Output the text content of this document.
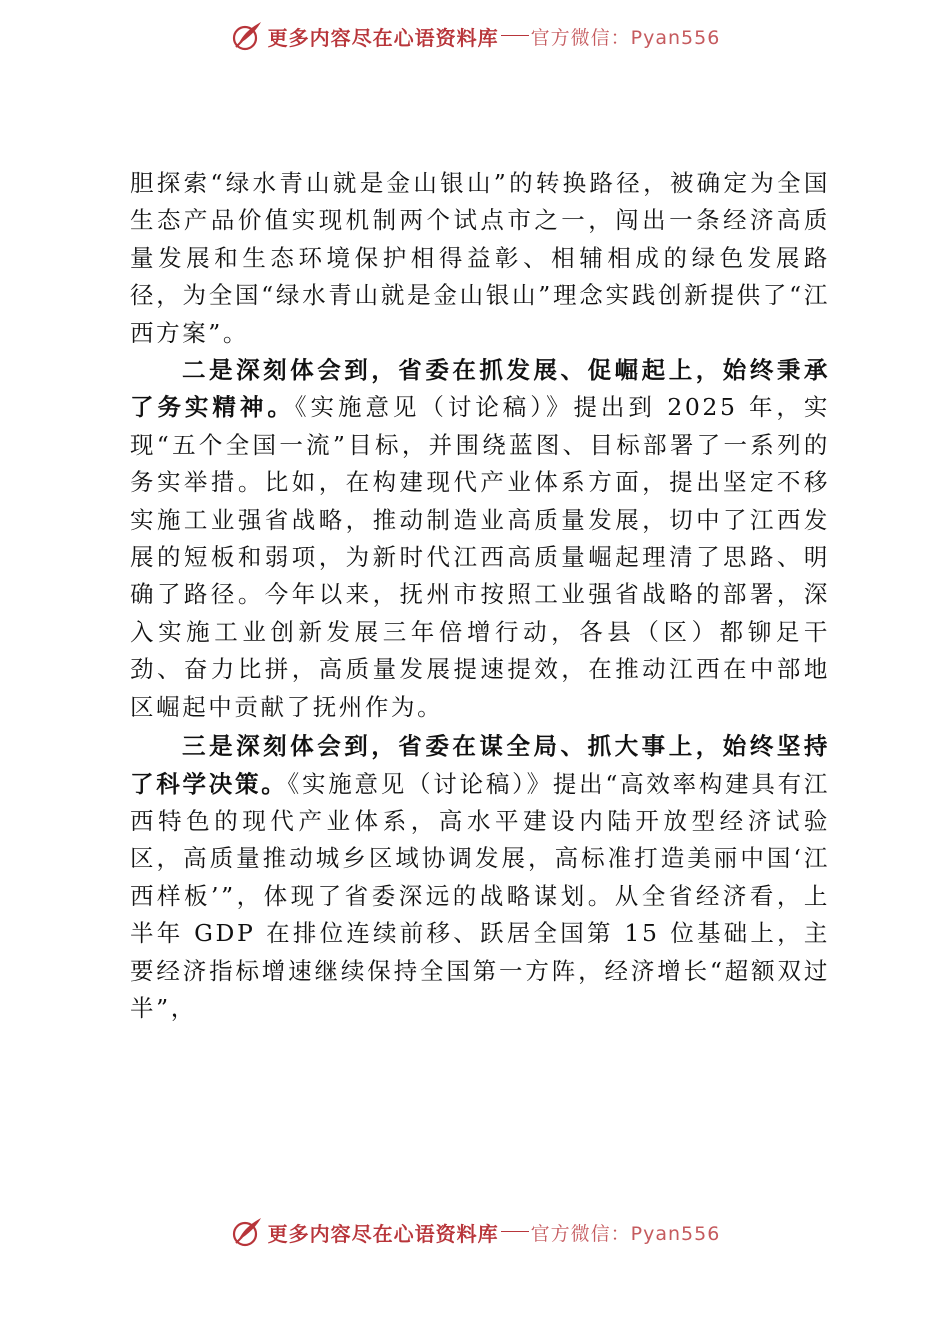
更多内容尽在心语资料库 官方微信：Pyan556

胆探索“绿水青山就是金山银山”的转换路径，被确定为全国生态产品价值实现机制两个试点市之一，闯出一条经济高质量发展和生态环境保护相得益彰、相辅相成的绿色发展路径，为全国“绿水青山就是金山银山”理念实践创新提供了“江西方案”。

二是深刻体会到，省委在抓发展、促崛起上，始终秉承了务实精神。《实施意见（讨论稿）》提出到 2025 年，实现“五个全国一流”目标，并围绕蓝图、目标部署了一系列的务实举措。比如，在构建现代产业体系方面，提出坚定不移实施工业强省战略，推动制造业高质量发展，切中了江西发展的短板和弱项，为新时代江西高质量崛起理清了思路、明确了路径。今年以来，抚州市按照工业强省战略的部署，深入实施工业创新发展三年倍增行动，各县（区）都铆足干劲、奋力比拼，高质量发展提速提效，在推动江西在中部地区崛起中贡献了抚州作为。

三是深刻体会到，省委在谋全局、抓大事上，始终坚持了科学决策。《实施意见（讨论稿）》提出“高效率构建具有江西特色的现代产业体系，高水平建设内陆开放型经济试验区，高质量推动城乡区域协调发展，高标准打造美丽中国‘江西样板’”，体现了省委深远的战略谋划。从全省经济看，上半年 GDP 在排位连续前移、跃居全国第 15 位基础上，主要经济指标增速继续保持全国第一方阵，经济增长“超额双过半”，

更多内容尽在心语资料库 官方微信：Pyan556
